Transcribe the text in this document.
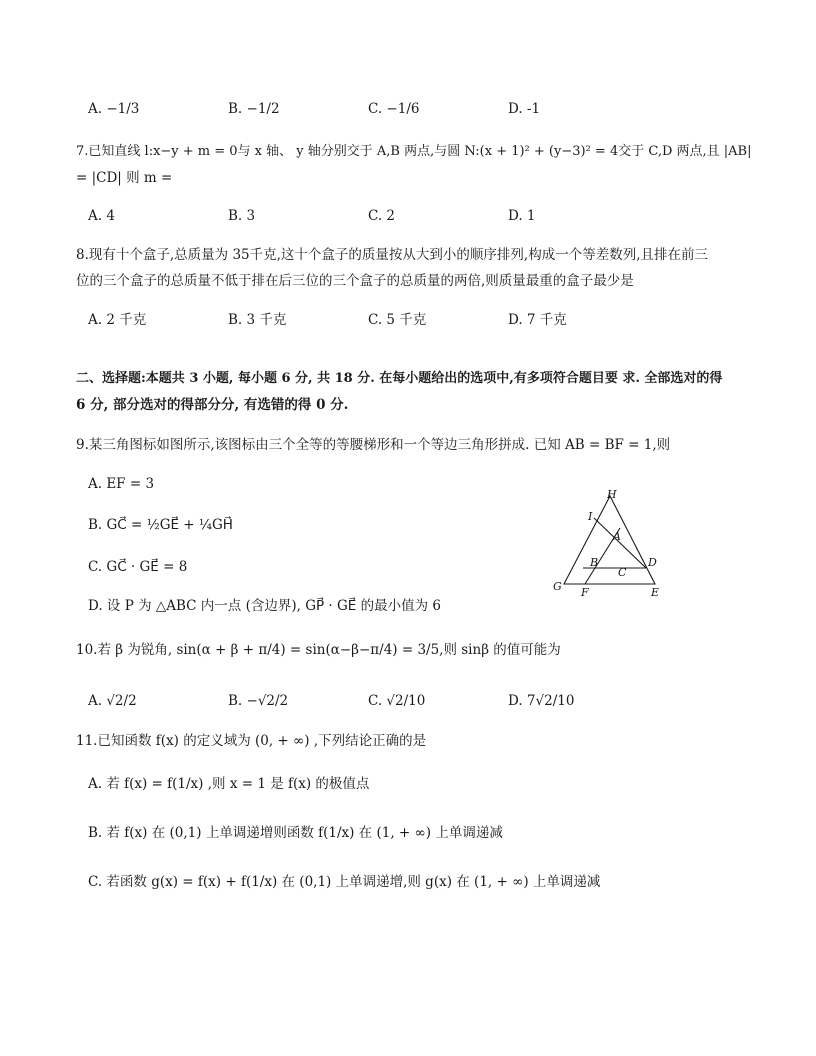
A. −1/3	B. −1/2	C. −1/6	D. -1
7.已知直线 l:x−y + m = 0与 x 轴、 y 轴分别交于 A,B 两点,与圆 N:(x + 1)² + (y−3)² = 4交于 C,D 两点,且 |AB|
= |CD| 则 m =
A. 4	B. 3	C. 2	D. 1
8.现有十个盒子,总质量为 35千克,这十个盒子的质量按从大到小的顺序排列,构成一个等差数列,且排在前三
位的三个盒子的总质量不低于排在后三位的三个盒子的总质量的两倍,则质量最重的盒子最少是
A. 2 千克	B. 3 千克	C. 5 千克	D. 7 千克
二、选择题:本题共 3 小题, 每小题 6 分, 共 18 分. 在每小题给出的选项中,有多项符合题目要 求. 全部选对的得
6 分, 部分选对的得部分分, 有选错的得 0 分.
9.某三角图标如图所示,该图标由三个全等的等腰梯形和一个等边三角形拼成. 已知 AB = BF = 1,则
A. EF = 3
B. GC⃗ = ½GE⃗ + ¼GH⃗
C. GC⃗ · GE⃗ = 8
D. 设 P 为 △ABC 内一点 (含边界), GP⃗ · GE⃗ 的最小值为 6
H
I
A
B	D
C
G F	E
10.若 β 为锐角, sin(α + β + π/4) = sin(α−β−π/4) = 3/5,则 sinβ 的值可能为
A. √2/2	B. −√2/2	C. √2/10	D. 7√2/10
11.已知函数 f(x) 的定义域为 (0, + ∞) ,下列结论正确的是
A. 若 f(x) = f(1/x) ,则 x = 1 是 f(x) 的极值点
B. 若 f(x) 在 (0,1) 上单调递增则函数 f(1/x) 在 (1, + ∞) 上单调递减
C. 若函数 g(x) = f(x) + f(1/x) 在 (0,1) 上单调递增,则 g(x) 在 (1, + ∞) 上单调递减
